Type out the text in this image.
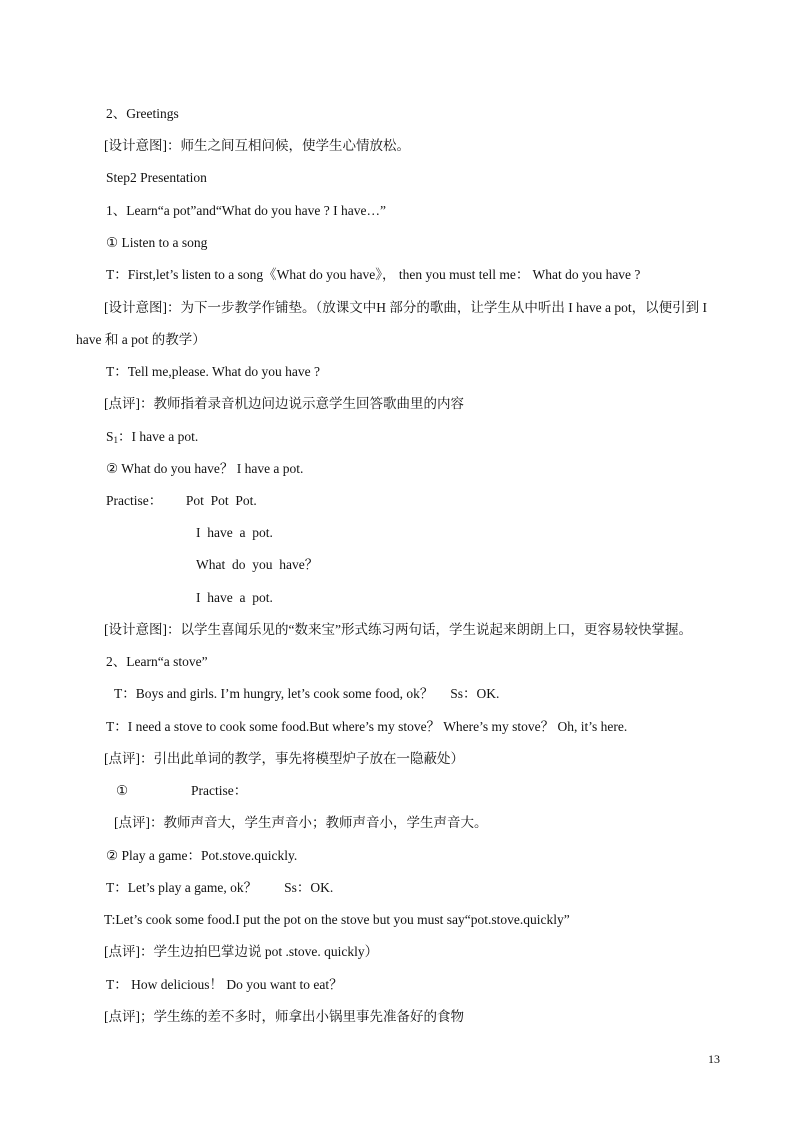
2、Greetings
[设计意图]：师生之间互相问候，使学生心情放松。
Step2 Presentation
1、Learn“a pot”and“What do you have ? I have…”
① Listen to a song
T：First,let’s listen to a song《What do you have》， then you must tell me： What do you have ?
[设计意图]：为下一步教学作铺垫。（放课文中H 部分的歌曲，让学生从中听出 I have a pot，以便引到 I
have 和 a pot 的教学）
T：Tell me,please. What do you have ?
[点评]：教师指着录音机边问边说示意学生回答歌曲里的内容
$S_1$：I have a pot.
② What do you have？ I have a pot.
Practise：       Pot  Pot  Pot.
I  have  a  pot.
What  do  you  have？
I  have  a  pot.
[设计意图]：以学生喜闻乐见的“数来宝”形式练习两句话，学生说起来朗朗上口，更容易较快掌握。
2、Learn“a stove”
T：Boys and girls. I’m hungry, let’s cook some food, ok？     Ss：OK.
T：I need a stove to cook some food.But where’s my stove？ Where’s my stove？ Oh, it’s here.
[点评]：引出此单词的教学，事先将模型炉子放在一隐蔽处）
①	Practise：
[点评]：教师声音大，学生声音小；教师声音小，学生声音大。
② Play a game：Pot.stove.quickly.
T：Let’s play a game, ok？        Ss：OK.
T:Let’s cook some food.I put the pot on the stove but you must say“pot.stove.quickly”
[点评]：学生边拍巴掌边说 pot .stove. quickly）
T： How delicious！ Do you want to eat？
[点评]；学生练的差不多时，师拿出小锅里事先准备好的食物
13
